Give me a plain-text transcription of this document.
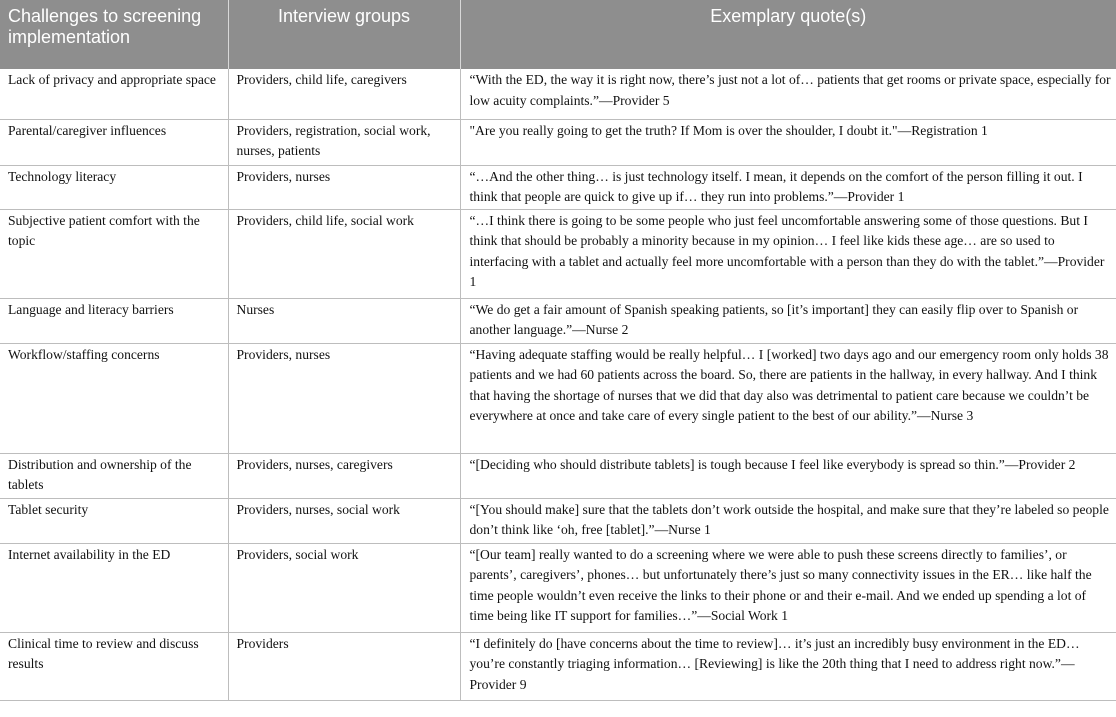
Challenges to screening implementation	Interview groups	Exemplary quote(s)
Lack of privacy and appropriate space	Providers, child life, caregivers	“With the ED, the way it is right now, there’s just not a lot of… patients that get rooms or private space, especially for low acuity complaints.”—Provider 5
Parental/caregiver influences	Providers, registration, social work, nurses, patients	"Are you really going to get the truth? If Mom is over the shoulder, I doubt it."—Registration 1
Technology literacy	Providers, nurses	“…And the other thing… is just technology itself. I mean, it depends on the comfort of the person filling it out. I think that people are quick to give up if… they run into problems.”—Provider 1
Subjective patient comfort with the topic	Providers, child life, social work	“…I think there is going to be some people who just feel uncomfortable answering some of those questions. But I think that should be probably a minority because in my opinion… I feel like kids these age… are so used to interfacing with a tablet and actually feel more uncomfortable with a person than they do with the tablet.”—Provider 1
Language and literacy barriers	Nurses	“We do get a fair amount of Spanish speaking patients, so [it’s important] they can easily flip over to Spanish or another language.”—Nurse 2
Workflow/staffing concerns	Providers, nurses	“Having adequate staffing would be really helpful… I [worked] two days ago and our emergency room only holds 38 patients and we had 60 patients across the board. So, there are patients in the hallway, in every hallway. And I think that having the shortage of nurses that we did that day also was detrimental to patient care because we couldn’t be everywhere at once and take care of every single patient to the best of our ability.”—Nurse 3
Distribution and ownership of the tablets	Providers, nurses, caregivers	“[Deciding who should distribute tablets] is tough because I feel like everybody is spread so thin.”—Provider 2
Tablet security	Providers, nurses, social work	“[You should make] sure that the tablets don’t work outside the hospital, and make sure that they’re labeled so people don’t think like ‘oh, free [tablet].”—Nurse 1
Internet availability in the ED	Providers, social work	“[Our team] really wanted to do a screening where we were able to push these screens directly to families’, or parents’, caregivers’, phones… but unfortunately there’s just so many connectivity issues in the ER… like half the time people wouldn’t even receive the links to their phone or and their e-mail. And we ended up spending a lot of time being like IT support for families…”—Social Work 1
Clinical time to review and discuss results	Providers	“I definitely do [have concerns about the time to review]… it’s just an incredibly busy environment in the ED… you’re constantly triaging information… [Reviewing] is like the 20th thing that I need to address right now.”—Provider 9
